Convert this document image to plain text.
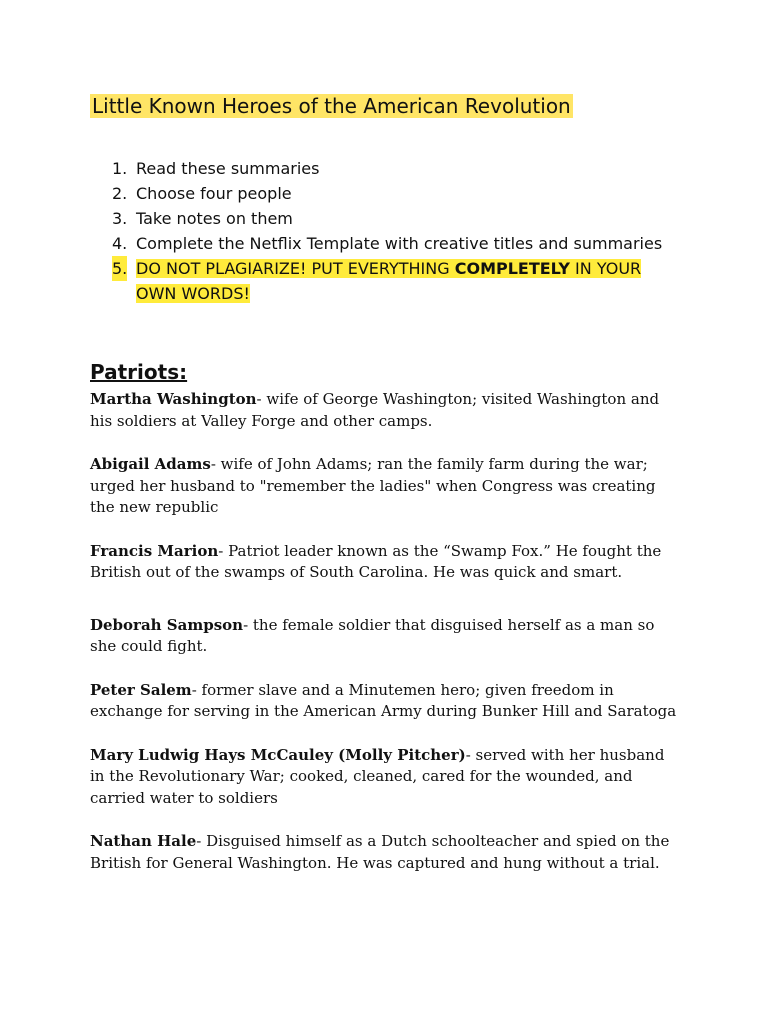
Little Known Heroes of the American Revolution
1. Read these summaries
2. Choose four people
3. Take notes on them
4. Complete the Netflix Template with creative titles and summaries
5. DO NOT PLAGIARIZE! PUT EVERYTHING COMPLETELY IN YOUR OWN WORDS!
Patriots:

Martha Washington- wife of George Washington; visited Washington and his soldiers at Valley Forge and other camps.

Abigail Adams- wife of John Adams; ran the family farm during the war; urged her husband to "remember the ladies" when Congress was creating the new republic

Francis Marion- Patriot leader known as the “Swamp Fox.” He fought the British out of the swamps of South Carolina. He was quick and smart.

Deborah Sampson- the female soldier that disguised herself as a man so she could fight.

Peter Salem- former slave and a Minutemen hero; given freedom in exchange for serving in the American Army during Bunker Hill and Saratoga

Mary Ludwig Hays McCauley (Molly Pitcher)- served with her husband in the Revolutionary War; cooked, cleaned, cared for the wounded, and carried water to soldiers

Nathan Hale- Disguised himself as a Dutch schoolteacher and spied on the British for General Washington. He was captured and hung without a trial.
